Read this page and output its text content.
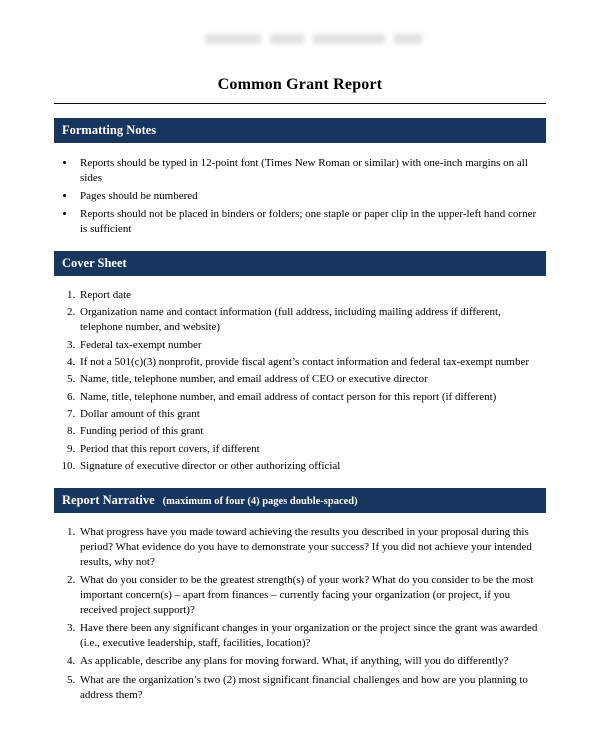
Common Grant Report
Formatting Notes
• Reports should be typed in 12-point font (Times New Roman or similar) with one-inch margins on all sides
• Pages should be numbered
• Reports should not be placed in binders or folders; one staple or paper clip in the upper-left hand corner is sufficient
Cover Sheet
1. Report date
2. Organization name and contact information (full address, including mailing address if different, telephone number, and website)
3. Federal tax-exempt number
4. If not a 501(c)(3) nonprofit, provide fiscal agent’s contact information and federal tax-exempt number
5. Name, title, telephone number, and email address of CEO or executive director
6. Name, title, telephone number, and email address of contact person for this report (if different)
7. Dollar amount of this grant
8. Funding period of this grant
9. Period that this report covers, if different
10. Signature of executive director or other authorizing official
Report Narrative (maximum of four (4) pages double-spaced)
1. What progress have you made toward achieving the results you described in your proposal during this period? What evidence do you have to demonstrate your success? If you did not achieve your intended results, why not?
2. What do you consider to be the greatest strength(s) of your work? What do you consider to be the most important concern(s) – apart from finances – currently facing your organization (or project, if you received project support)?
3. Have there been any significant changes in your organization or the project since the grant was awarded (i.e., executive leadership, staff, facilities, location)?
4. As applicable, describe any plans for moving forward. What, if anything, will you do differently?
5. What are the organization’s two (2) most significant financial challenges and how are you planning to address them?
